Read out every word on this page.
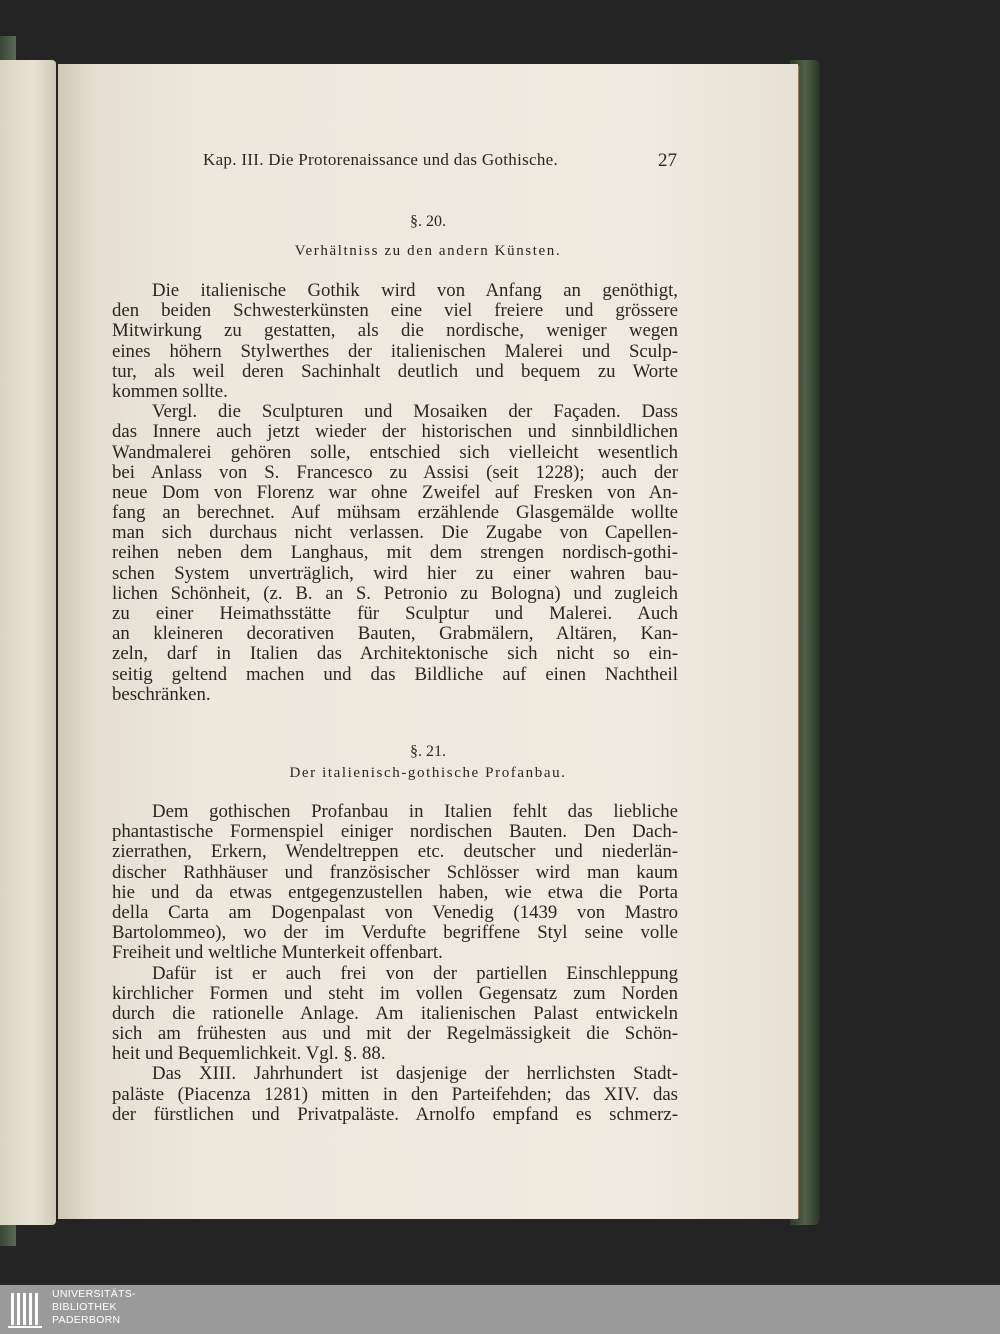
Kap. III. Die Protorenaissance und das Gothische.	27
§. 20.
Verhältniss zu den andern Künsten.
Die italienische Gothik wird von Anfang an genöthigt,
den beiden Schwesterkünsten eine viel freiere und grössere
Mitwirkung zu gestatten, als die nordische, weniger wegen
eines höhern Stylwerthes der italienischen Malerei und Sculp-
tur, als weil deren Sachinhalt deutlich und bequem zu Worte
kommen sollte.
Vergl. die Sculpturen und Mosaiken der Façaden. Dass
das Innere auch jetzt wieder der historischen und sinnbildlichen
Wandmalerei gehören solle, entschied sich vielleicht wesentlich
bei Anlass von S. Francesco zu Assisi (seit 1228); auch der
neue Dom von Florenz war ohne Zweifel auf Fresken von An-
fang an berechnet. Auf mühsam erzählende Glasgemälde wollte
man sich durchaus nicht verlassen. Die Zugabe von Capellen-
reihen neben dem Langhaus, mit dem strengen nordisch-gothi-
schen System unverträglich, wird hier zu einer wahren bau-
lichen Schönheit, (z. B. an S. Petronio zu Bologna) und zugleich
zu einer Heimathsstätte für Sculptur und Malerei. Auch
an kleineren decorativen Bauten, Grabmälern, Altären, Kan-
zeln, darf in Italien das Architektonische sich nicht so ein-
seitig geltend machen und das Bildliche auf einen Nachtheil
beschränken.
§. 21.
Der italienisch-gothische Profanbau.
Dem gothischen Profanbau in Italien fehlt das liebliche
phantastische Formenspiel einiger nordischen Bauten. Den Dach-
zierrathen, Erkern, Wendeltreppen etc. deutscher und niederlän-
discher Rathhäuser und französischer Schlösser wird man kaum
hie und da etwas entgegenzustellen haben, wie etwa die Porta
della Carta am Dogenpalast von Venedig (1439 von Mastro
Bartolommeo), wo der im Verdufte begriffene Styl seine volle
Freiheit und weltliche Munterkeit offenbart.
Dafür ist er auch frei von der partiellen Einschleppung
kirchlicher Formen und steht im vollen Gegensatz zum Norden
durch die rationelle Anlage. Am italienischen Palast entwickeln
sich am frühesten aus und mit der Regelmässigkeit die Schön-
heit und Bequemlichkeit. Vgl. §. 88.
Das XIII. Jahrhundert ist dasjenige der herrlichsten Stadt-
paläste (Piacenza 1281) mitten in den Parteifehden; das XIV. das
der fürstlichen und Privatpaläste. Arnolfo empfand es schmerz-
UNIVERSITÄTS-
BIBLIOTHEK
PADERBORN
